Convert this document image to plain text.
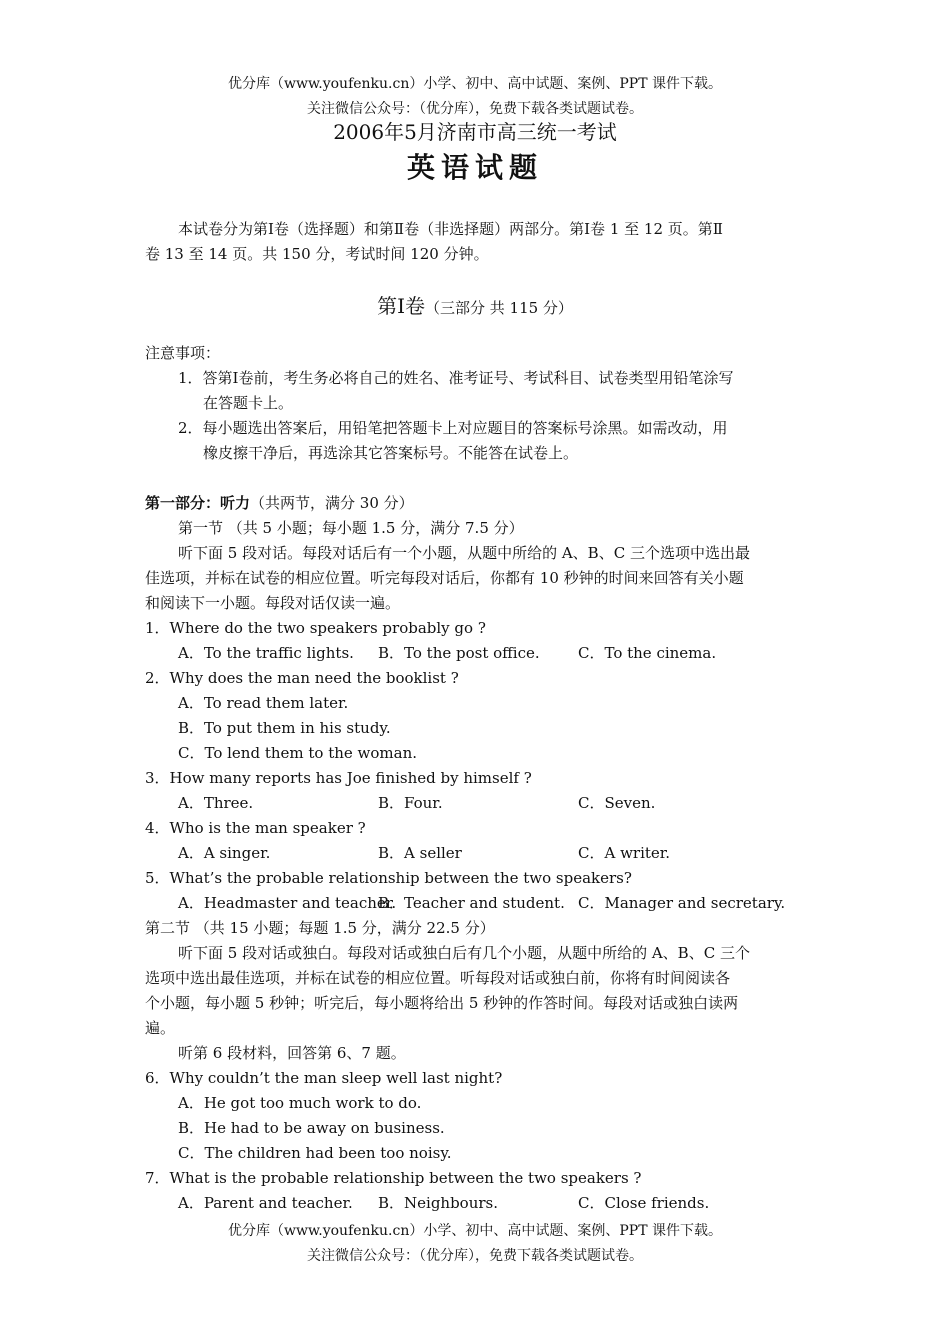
优分库（www.youfenku.cn）小学、初中、高中试题、案例、PPT 课件下载。
关注微信公众号：（优分库），免费下载各类试题试卷。
2006年5月济南市高三统一考试
英语试题
本试卷分为第Ⅰ卷（选择题）和第Ⅱ卷（非选择题）两部分。第Ⅰ卷 1 至 12 页。第Ⅱ
卷 13 至 14 页。共 150 分，考试时间 120 分钟。
第Ⅰ卷（三部分 共 115 分）
注意事项：
1．答第Ⅰ卷前，考生务必将自己的姓名、准考证号、考试科目、试卷类型用铅笔涂写
在答题卡上。
2．每小题选出答案后，用铅笔把答题卡上对应题目的答案标号涂黑。如需改动，用
橡皮擦干净后，再选涂其它答案标号。不能答在试卷上。
第一部分：听力（共两节，满分 30 分）
第一节 （共 5 小题；每小题 1.5 分，满分 7.5 分）
听下面 5 段对话。每段对话后有一个小题，从题中所给的 A、B、C 三个选项中选出最
佳选项，并标在试卷的相应位置。听完每段对话后，你都有 10 秒钟的时间来回答有关小题
和阅读下一小题。每段对话仅读一遍。
1．Where do the two speakers probably go ?
A．To the traffic lights. B．To the post office.	C．To the cinema.
2．Why does the man need the booklist ?
A．To read them later.
B．To put them in his study.
C．To lend them to the woman.
3．How many reports has Joe finished by himself ?
A．Three.	B．Four.	C．Seven.
4．Who is the man speaker ?
A．A singer.	B．A seller	C．A writer.
5．What’s the probable relationship between the two speakers?
A．Headmaster and teacher.
B．Teacher and student. C．Manager and secretary.
第二节 （共 15 小题；每题 1.5 分，满分 22.5 分）
听下面 5 段对话或独白。每段对话或独白后有几个小题，从题中所给的 A、B、C 三个
选项中选出最佳选项，并标在试卷的相应位置。听每段对话或独白前，你将有时间阅读各
个小题，每小题 5 秒钟；听完后，每小题将给出 5 秒钟的作答时间。每段对话或独白读两
遍。
听第 6 段材料，回答第 6、7 题。
6．Why couldn’t the man sleep well last night?
A．He got too much work to do.
B．He had to be away on business.
C．The children had been too noisy.
7．What is the probable relationship between the two speakers ?
A．Parent and teacher. B．Neighbours.	C．Close friends.
优分库（www.youfenku.cn）小学、初中、高中试题、案例、PPT 课件下载。
关注微信公众号：（优分库），免费下载各类试题试卷。
